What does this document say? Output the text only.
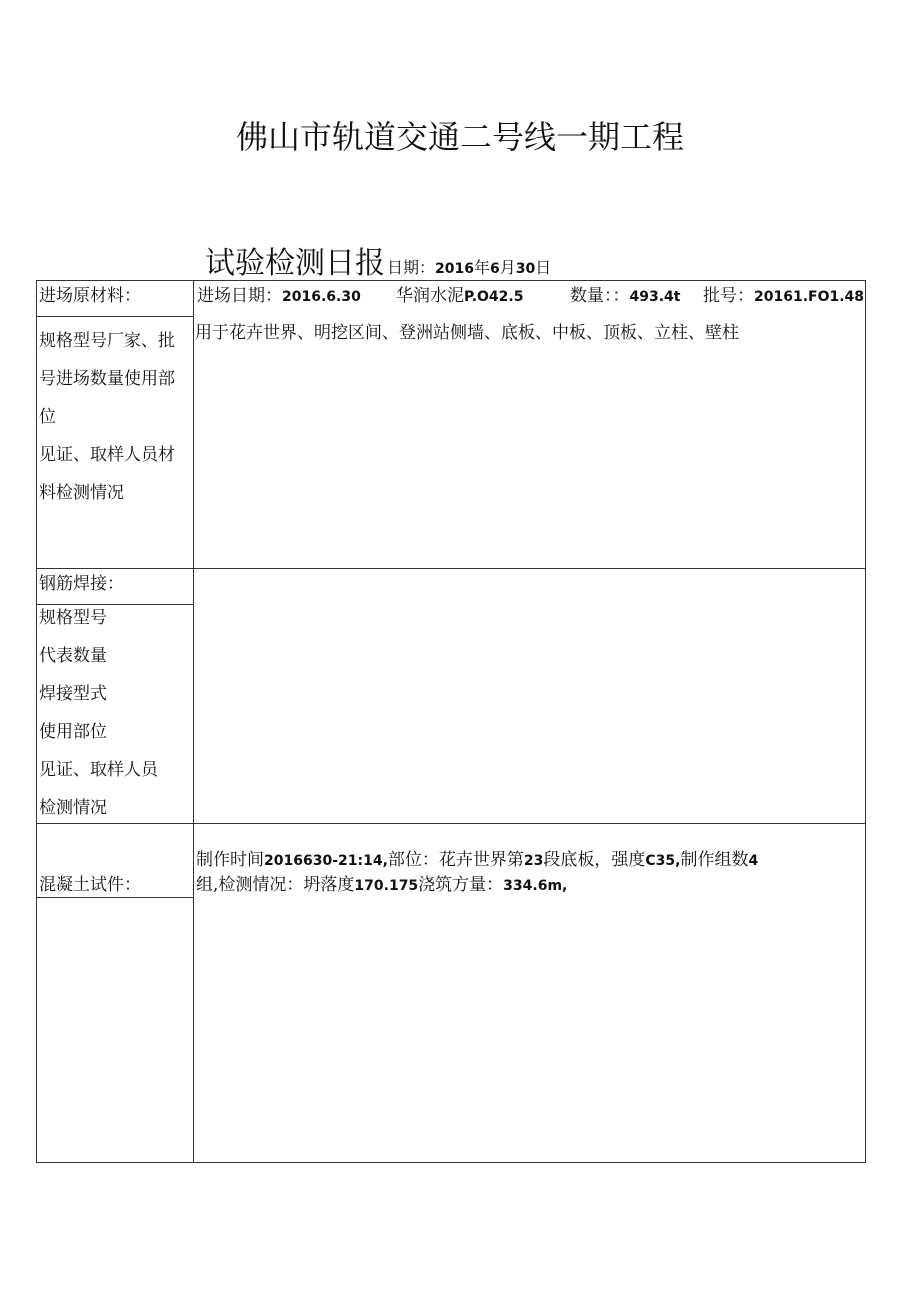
佛山市轨道交通二号线一期工程
试验检测日报 日期：2016年6月30日
进场原材料：
规格型号厂家、批
号进场数量使用部
位
见证、取样人员材
料检测情况
进场日期：2016.6.30 华润水泥P.O42.5	数量：：493.4t 批号：20161.FO1.48
用于花卉世界、明挖区间、登洲站侧墙、底板、中板、顶板、立柱、壁柱
钢筋焊接：
规格型号
代表数量
焊接型式
使用部位
见证、取样人员
检测情况
混凝土试件：
制作时间2016630-21:14,部位：花卉世界第23段底板，强度C35,制作组数4
组,检测情况：坍落度170.175浇筑方量：334.6m,
